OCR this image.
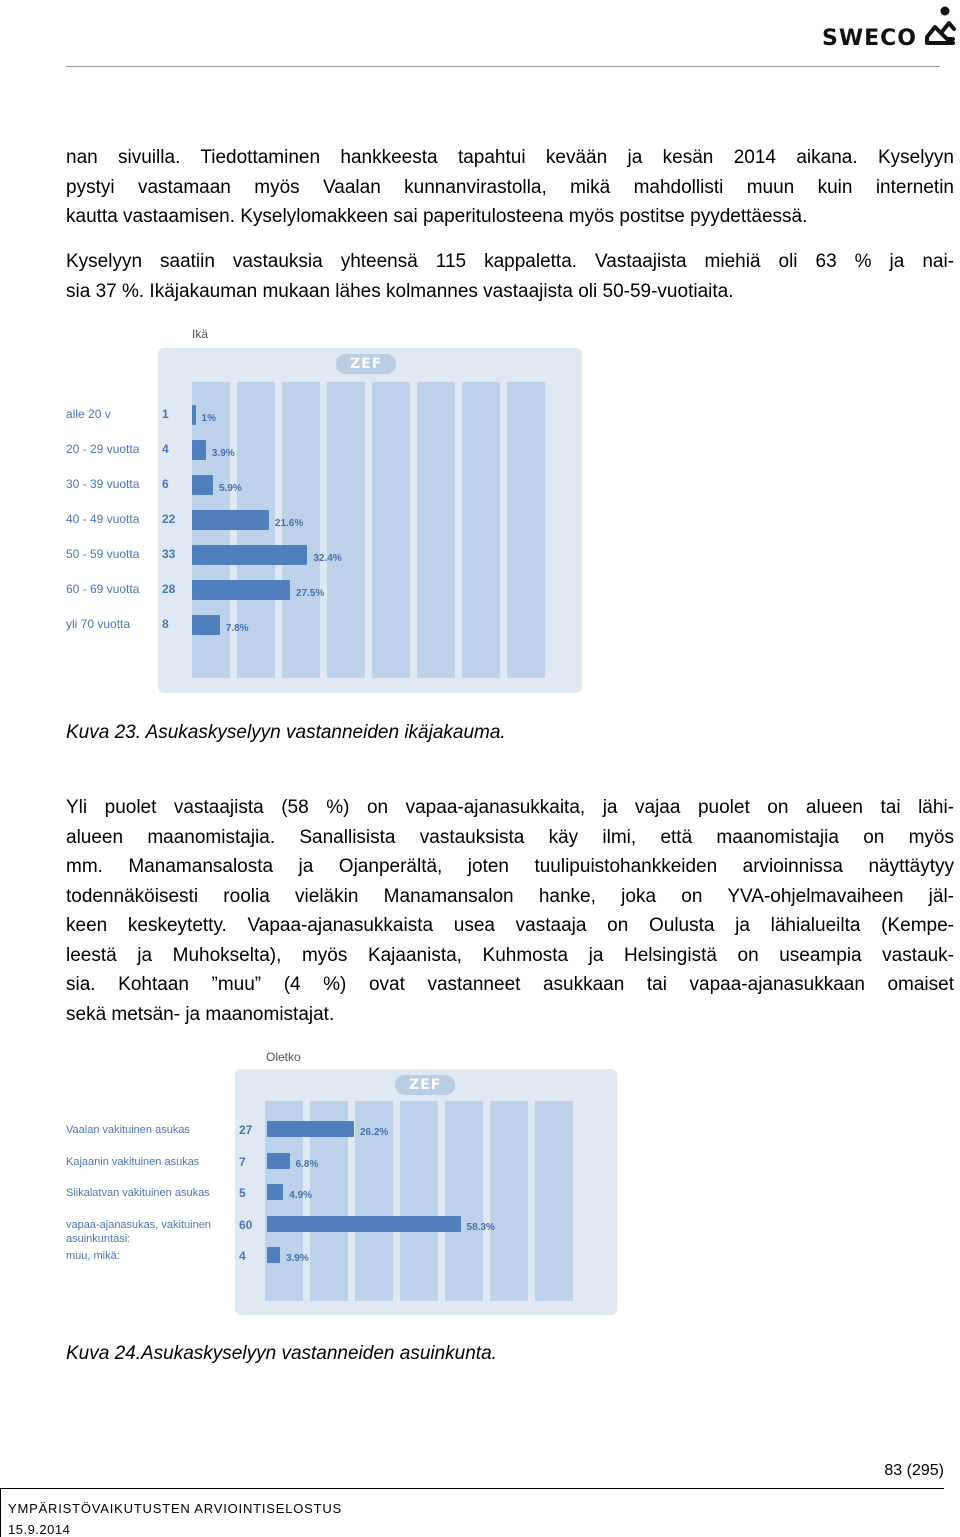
SWECO
nan sivuilla. Tiedottaminen hankkeesta tapahtui kevään ja kesän 2014 aikana. Kyselyyn
pystyi vastamaan myös Vaalan kunnanvirastolla, mikä mahdollisti muun kuin internetin
kautta vastaamisen. Kyselylomakkeen sai paperitulosteena myös postitse pyydettäessä.
Kyselyyn saatiin vastauksia yhteensä 115 kappaletta. Vastaajista miehiä oli 63 % ja nai-
sia 37 %. Ikäjakauman mukaan lähes kolmannes vastaajista oli 50-59-vuotiaita.
Ikä
ZEF
alle 20 v	1	1%
20 - 29 vuotta 4	3.9%
30 - 39 vuotta 6	5.9%
40 - 49 vuotta 22	21.6%
50 - 59 vuotta 33	32.4%
60 - 69 vuotta 28	27.5%
yli 70 vuotta	8	7.8%
Kuva 23. Asukaskyselyyn vastanneiden ikäjakauma.
Yli puolet vastaajista (58 %) on vapaa-ajanasukkaita, ja vajaa puolet on alueen tai lähi-
alueen maanomistajia. Sanallisista vastauksista käy ilmi, että maanomistajia on myös
mm. Manamansalosta ja Ojanperältä, joten tuulipuistohankkeiden arvioinnissa näyttäytyy
todennäköisesti roolia vieläkin Manamansalon hanke, joka on YVA-ohjelmavaiheen jäl-
keen keskeytetty. Vapaa-ajanasukkaista usea vastaaja on Oulusta ja lähialueilta (Kempe-
leestä ja Muhokselta), myös Kajaanista, Kuhmosta ja Helsingistä on useampia vastauk-
sia. Kohtaan ”muu” (4 %) ovat vastanneet asukkaan tai vapaa-ajanasukkaan omaiset
sekä metsän- ja maanomistajat.
Oletko
ZEF
Vaalan vakituinen asukas	27	26.2%
Kajaanin vakituinen asukas	7	6.8%
Siikalatvan vakituinen asukas	5	4.9%
vapaa-ajanasukas, vakituinen asuinkuntasi:
60	58.3%
muu, mikä:	4	3.9%
Kuva 24.Asukaskyselyyn vastanneiden asuinkunta.
83 (295)
YMPÄRISTÖVAIKUTUSTEN ARVIOINTISELOSTUS
15.9.2014
